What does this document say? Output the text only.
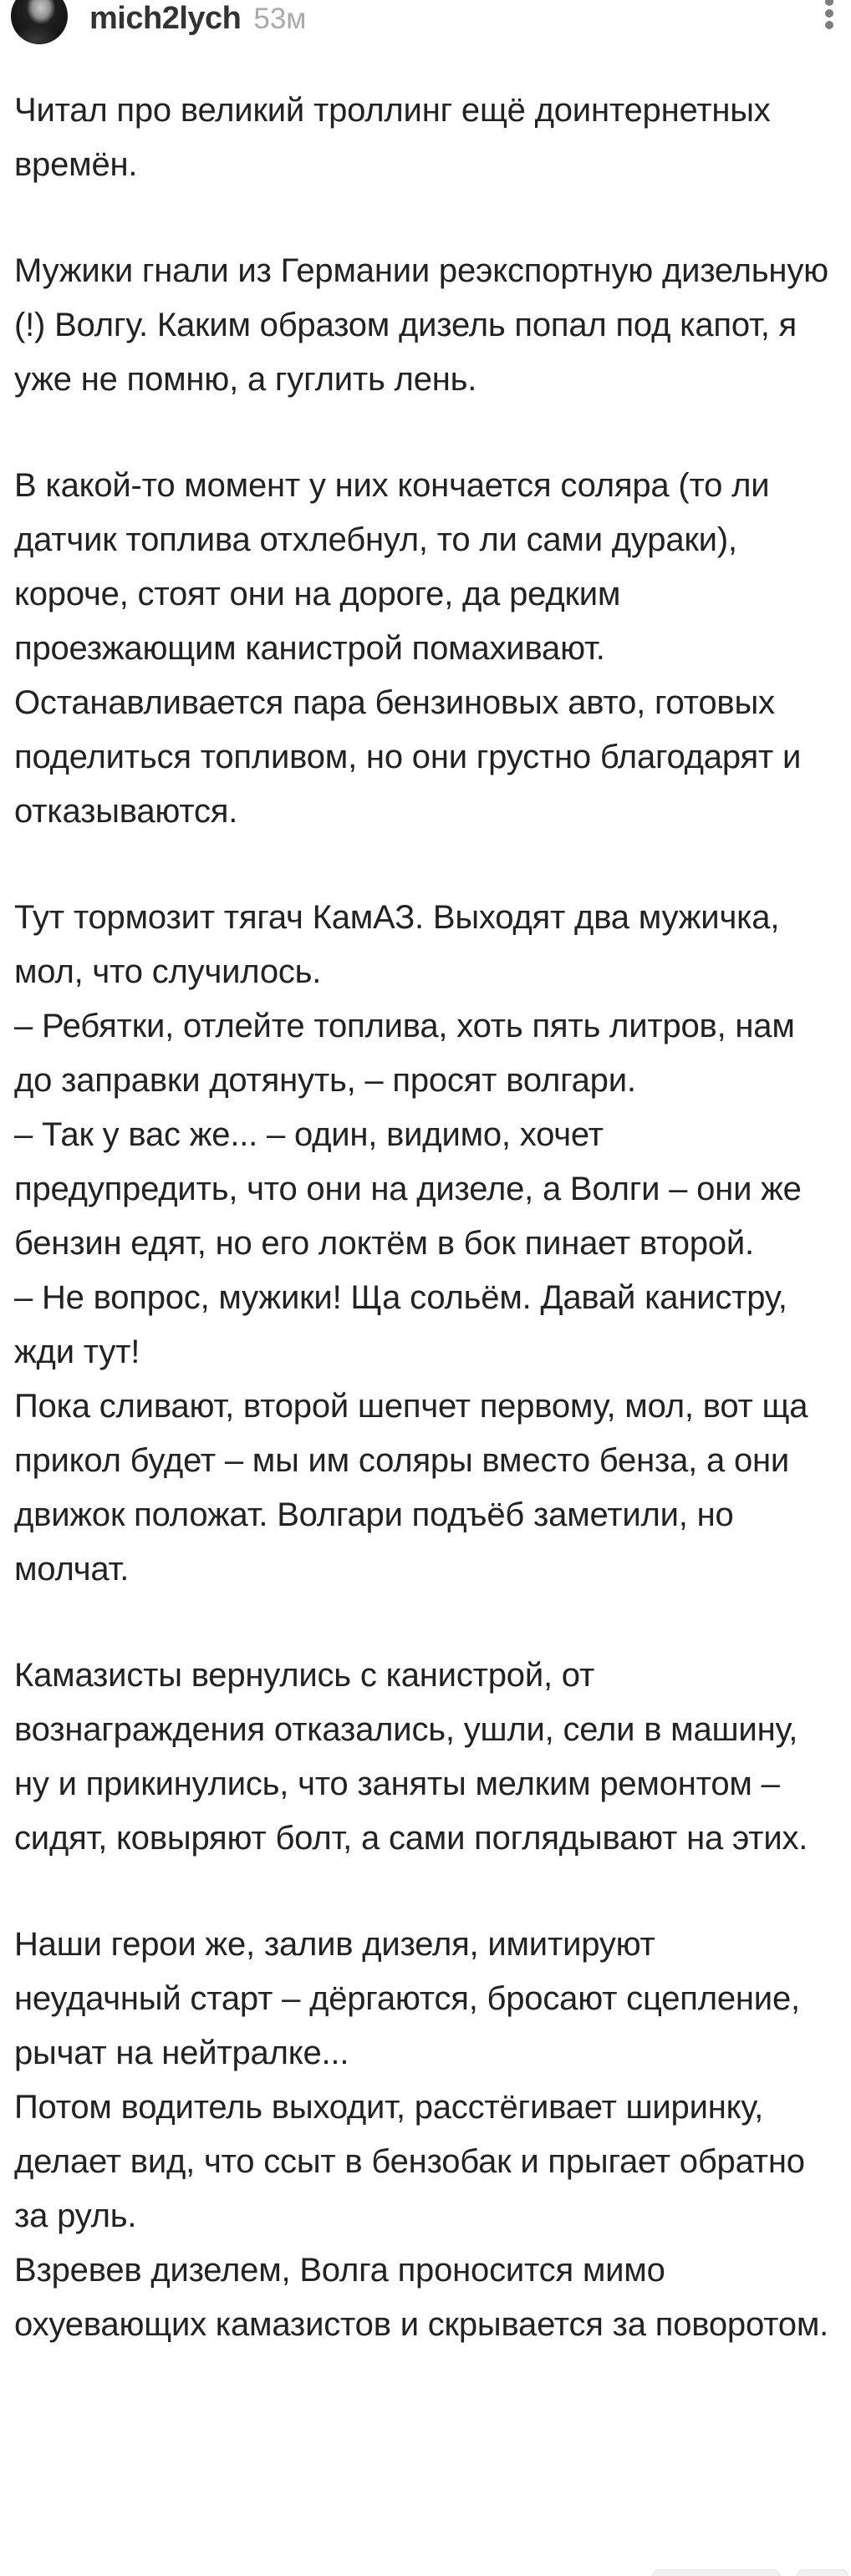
mich2lych 53м

Читал про великий троллинг ещё доинтернетных времён.

Мужики гнали из Германии реэкспортную дизельную (!) Волгу. Каким образом дизель попал под капот, я уже не помню, а гуглить лень.

В какой-то момент у них кончается соляра (то ли датчик топлива отхлебнул, то ли сами дураки), короче, стоят они на дороге, да редким проезжающим канистрой помахивают. Останавливается пара бензиновых авто, готовых поделиться топливом, но они грустно благодарят и отказываются.

Тут тормозит тягач КамАЗ. Выходят два мужичка, мол, что случилось.
– Ребятки, отлейте топлива, хоть пять литров, нам до заправки дотянуть, – просят волгари.
– Так у вас же... – один, видимо, хочет предупредить, что они на дизеле, а Волги – они же бензин едят, но его локтём в бок пинает второй.
– Не вопрос, мужики! Ща сольём. Давай канистру, жди тут!
Пока сливают, второй шепчет первому, мол, вот ща прикол будет – мы им соляры вместо бенза, а они движок положат. Волгари подъёб заметили, но молчат.

Камазисты вернулись с канистрой, от вознаграждения отказались, ушли, сели в машину, ну и прикинулись, что заняты мелким ремонтом – сидят, ковыряют болт, а сами поглядывают на этих.

Наши герои же, залив дизеля, имитируют неудачный старт – дёргаются, бросают сцепление, рычат на нейтралке...
Потом водитель выходит, расстёгивает ширинку, делает вид, что ссыт в бензобак и прыгает обратно за руль.
Взревев дизелем, Волга проносится мимо охуевающих камазистов и скрывается за поворотом.
